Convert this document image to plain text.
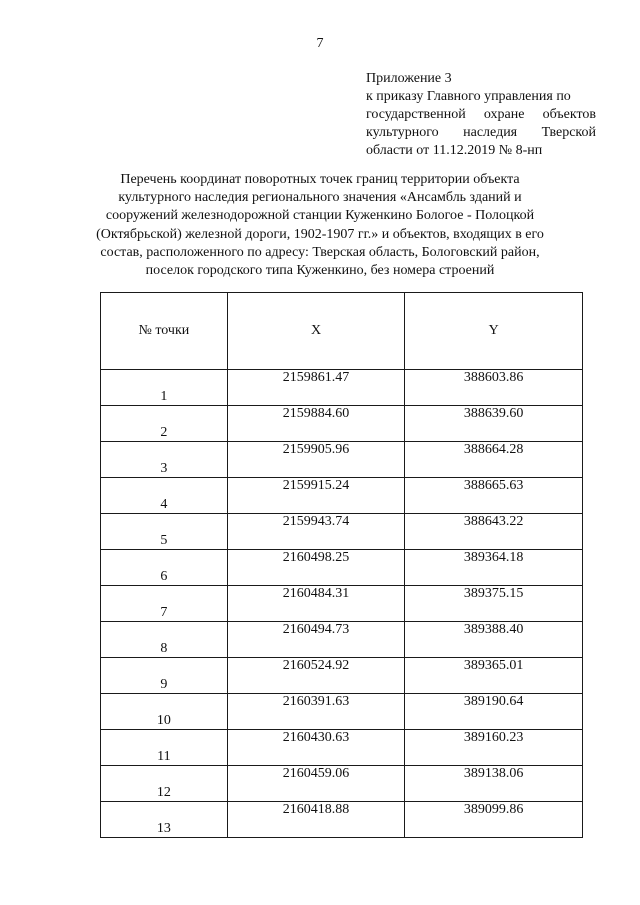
7
Приложение 3
к приказу Главного управления по
государственной охране объектов
культурного наследия Тверской
области от 11.12.2019 № 8-нп
Перечень координат поворотных точек границ территории объекта
культурного наследия регионального значения «Ансамбль зданий и
сооружений железнодорожной станции Куженкино Бологое - Полоцкой
(Октябрьской) железной дороги, 1902-1907 гг.» и объектов, входящих в его
состав, расположенного по адресу: Тверская область, Бологовский район,
поселок городского типа Куженкино, без номера строений
№ точки	X	Y
1	2159861.47	388603.86
2	2159884.60	388639.60
3	2159905.96	388664.28
4	2159915.24	388665.63
5	2159943.74	388643.22
6	2160498.25	389364.18
7	2160484.31	389375.15
8	2160494.73	389388.40
9	2160524.92	389365.01
10	2160391.63	389190.64
11	2160430.63	389160.23
12	2160459.06	389138.06
13	2160418.88	389099.86
